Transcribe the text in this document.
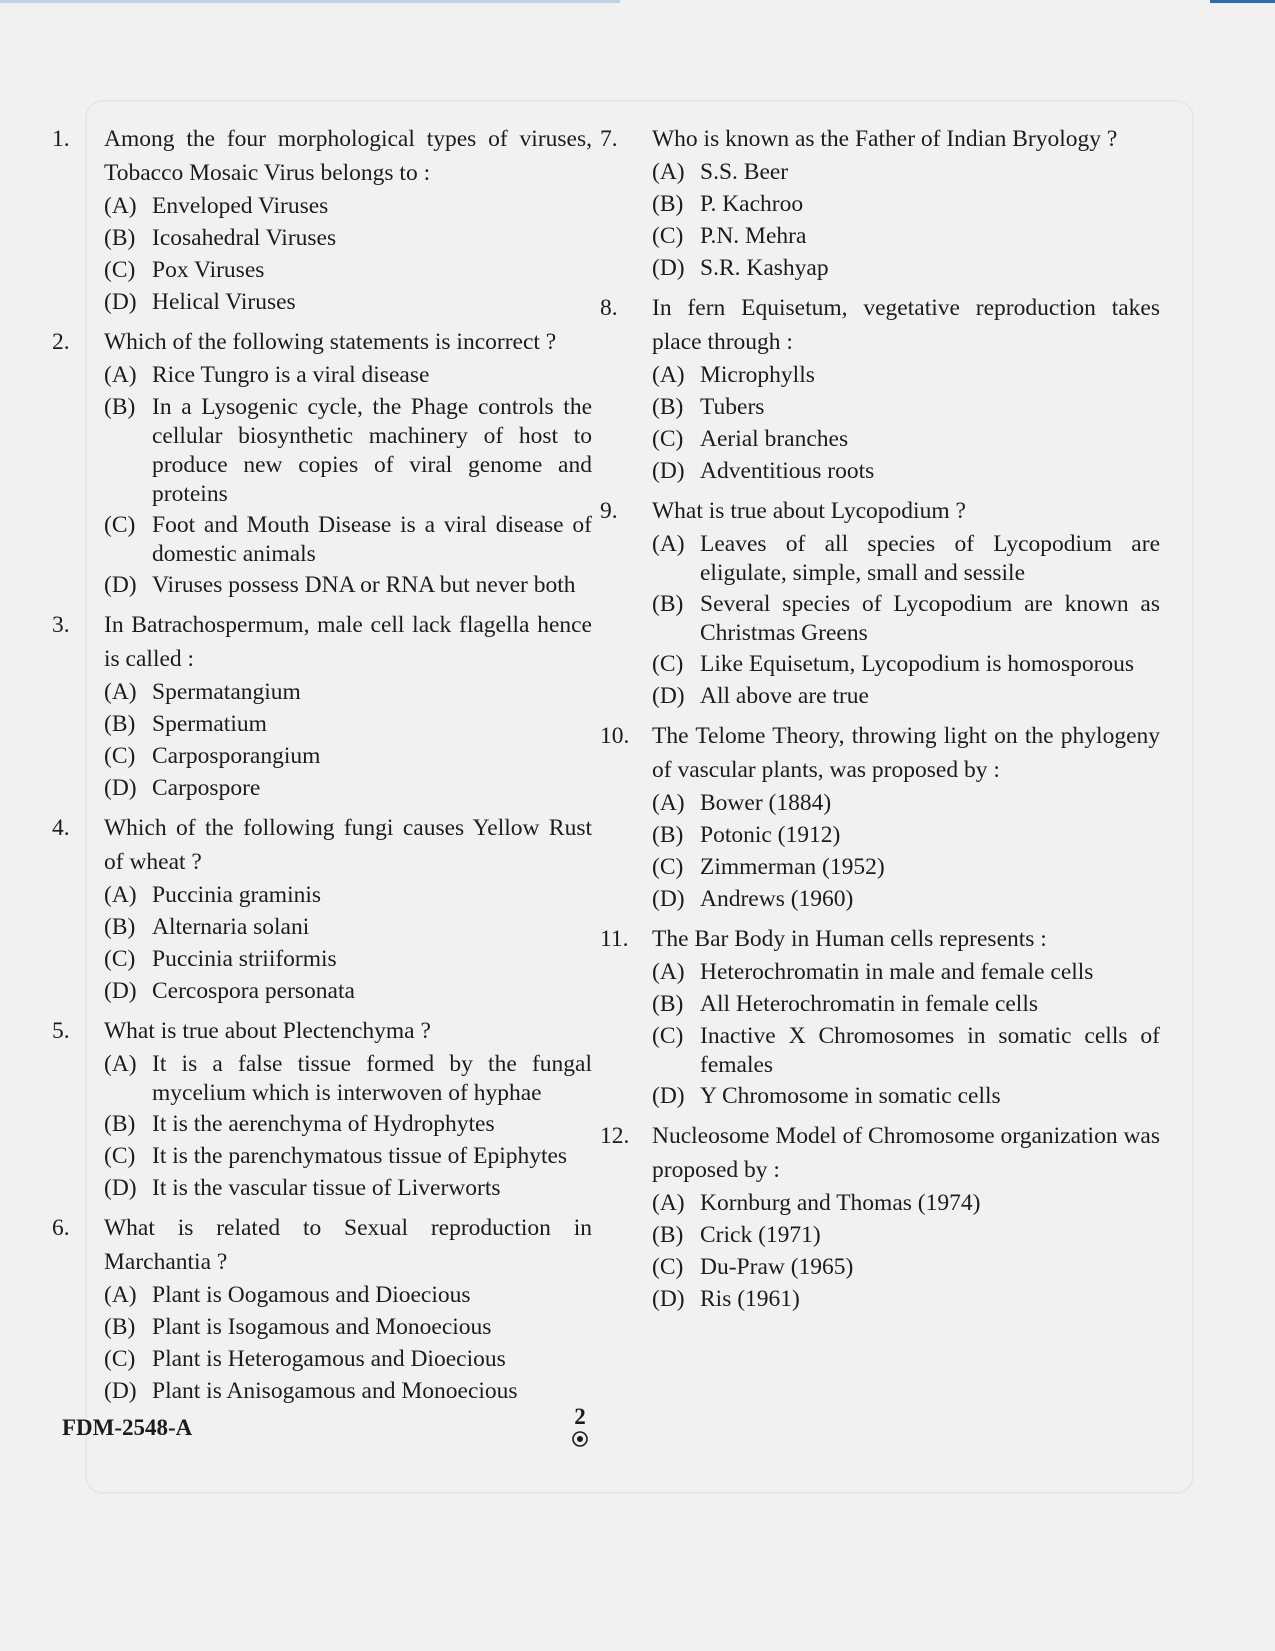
1.	Among the four morphological types of viruses, Tobacco Mosaic Virus belongs to :
(A) Enveloped Viruses
(B) Icosahedral Viruses
(C) Pox Viruses
(D) Helical Viruses
2.	Which of the following statements is incorrect ?
(A) Rice Tungro is a viral disease
(B) In a Lysogenic cycle, the Phage controls the cellular biosynthetic machinery of host to produce new copies of viral genome and proteins
(C) Foot and Mouth Disease is a viral disease of domestic animals
(D) Viruses possess DNA or RNA but never both
3.	In Batrachospermum, male cell lack flagella hence is called :
(A) Spermatangium
(B) Spermatium
(C) Carposporangium
(D) Carpospore
4.	Which of the following fungi causes Yellow Rust of wheat ?
(A) Puccinia graminis
(B) Alternaria solani
(C) Puccinia striiformis
(D) Cercospora personata
5.	What is true about Plectenchyma ?
(A) It is a false tissue formed by the fungal mycelium which is interwoven of hyphae
(B) It is the aerenchyma of Hydrophytes
(C) It is the parenchymatous tissue of Epiphytes
(D) It is the vascular tissue of Liverworts
6.	What is related to Sexual reproduction in Marchantia ?
(A) Plant is Oogamous and Dioecious
(B) Plant is Isogamous and Monoecious
(C) Plant is Heterogamous and Dioecious
(D) Plant is Anisogamous and Monoecious
7.	Who is known as the Father of Indian Bryology ?
(A) S.S. Beer
(B) P. Kachroo
(C) P.N. Mehra
(D) S.R. Kashyap
8.	In fern Equisetum, vegetative reproduction takes place through :
(A) Microphylls
(B) Tubers
(C) Aerial branches
(D) Adventitious roots
9.	What is true about Lycopodium ?
(A) Leaves of all species of Lycopodium are eligulate, simple, small and sessile
(B) Several species of Lycopodium are known as Christmas Greens
(C) Like Equisetum, Lycopodium is homosporous
(D) All above are true
10. The Telome Theory, throwing light on the phylogeny of vascular plants, was proposed by :
(A) Bower (1884)
(B) Potonic (1912)
(C) Zimmerman (1952)
(D) Andrews (1960)
11. The Bar Body in Human cells represents :
(A) Heterochromatin in male and female cells
(B) All Heterochromatin in female cells
(C) Inactive X Chromosomes in somatic cells of females
(D) Y Chromosome in somatic cells
12. Nucleosome Model of Chromosome organization was proposed by :
(A) Kornburg and Thomas (1974)
(B) Crick (1971)
(C) Du-Praw (1965)
(D) Ris (1961)
FDM-2548-A	2
